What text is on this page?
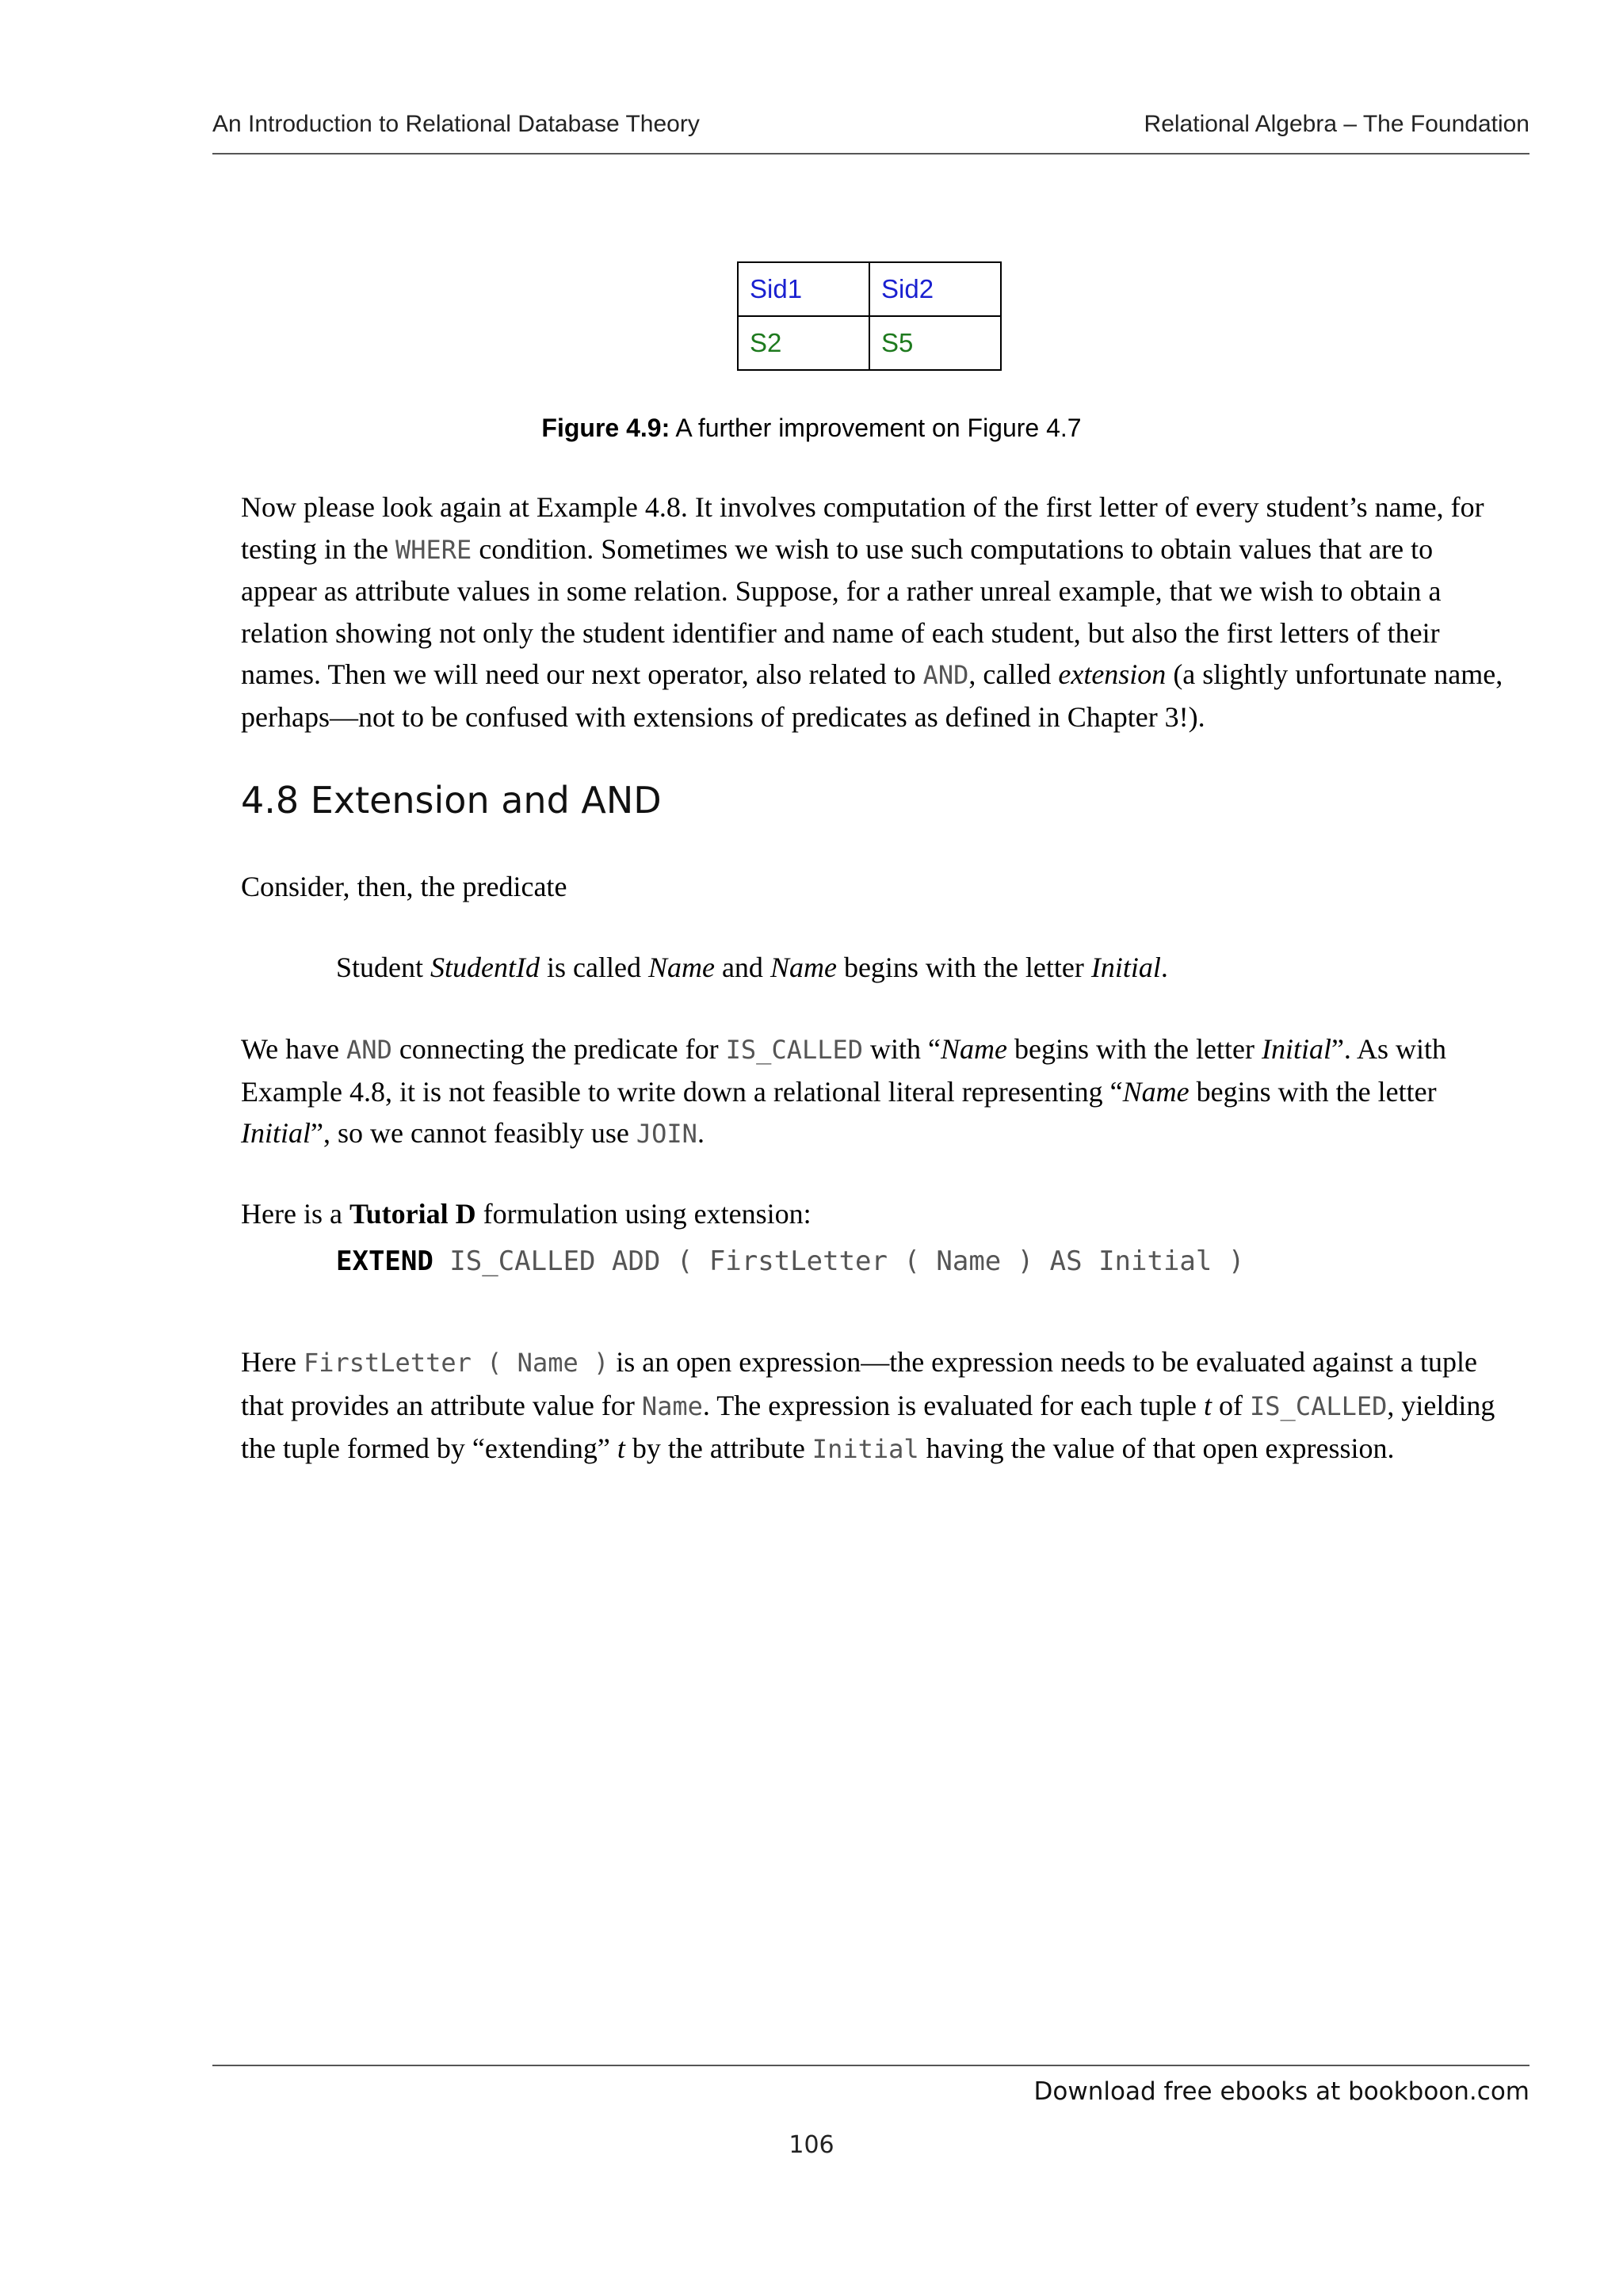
An Introduction to Relational Database Theory	Relational Algebra – The Foundation
Sid1	Sid2
S2	S5
Figure 4.9: A further improvement on Figure 4.7
Now please look again at Example 4.8. It involves computation of the first letter of every student’s name, for testing in the WHERE condition. Sometimes we wish to use such computations to obtain values that are to appear as attribute values in some relation. Suppose, for a rather unreal example, that we wish to obtain a relation showing not only the student identifier and name of each student, but also the first letters of their names. Then we will need our next operator, also related to AND, called extension (a slightly unfortunate name, perhaps—not to be confused with extensions of predicates as defined in Chapter 3!).
4.8 Extension and AND
Consider, then, the predicate
Student StudentId is called Name and Name begins with the letter Initial.
We have AND connecting the predicate for IS_CALLED with “Name begins with the letter Initial”. As with Example 4.8, it is not feasible to write down a relational literal representing “Name begins with the letter Initial”, so we cannot feasibly use JOIN.
Here is a Tutorial D formulation using extension:
EXTEND IS_CALLED ADD ( FirstLetter ( Name ) AS Initial )
Here FirstLetter ( Name ) is an open expression—the expression needs to be evaluated against a tuple that provides an attribute value for Name. The expression is evaluated for each tuple t of IS_CALLED, yielding the tuple formed by “extending” t by the attribute Initial having the value of that open expression.
Download free ebooks at bookboon.com
106
